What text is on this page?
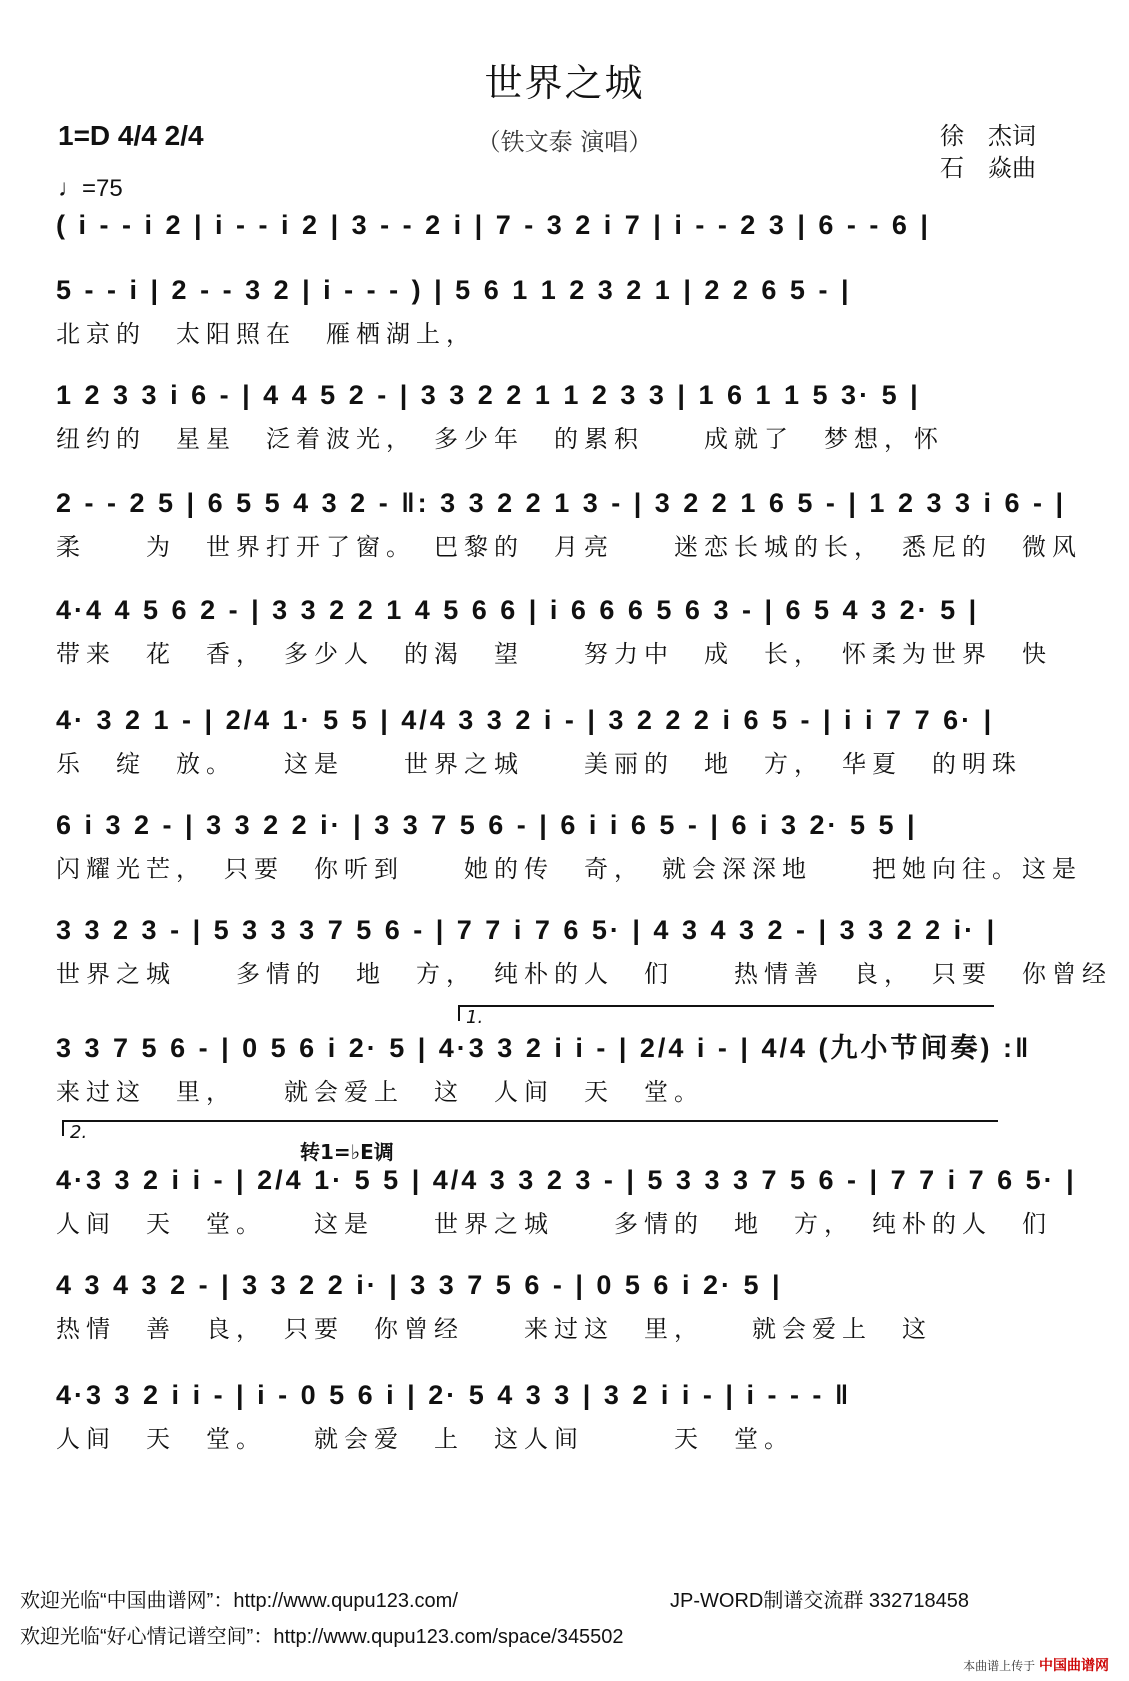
世界之城
1=D 4/4 2/4
♩=75
（铁文泰 演唱）	徐　杰词
石　焱曲
( i - - i 2 | i - - i 2 | 3 - - 2 i | 7 - 3 2 i 7 | i - - 2 3 | 6 - - 6 |
5 - - i | 2 - - 3 2 | i - - - ) | 5 6 1 1 2 3 2 1 | 2 2 6 5 - |
北京的　太阳照在　雁栖湖上，
1 2 3 3 i 6 - | 4 4 5 2 - | 3 3 2 2 1 1 2 3 3 | 1 6 1 1 5 3· 5 |
纽约的　星星　泛着波光，　多少年　的累积　　成就了　梦想，怀
2 - - 2 5 | 6 5 5 4 3 2 - ‖: 3 3 2 2 1 3 - | 3 2 2 1 6 5 - | 1 2 3 3 i 6 - |
柔　　为　世界打开了窗。　巴黎的　月亮　　迷恋长城的长，　悉尼的　微风
4·4 4 5 6 2 - | 3 3 2 2 1 4 5 6 6 | i 6 6 6 5 6 3 - | 6 5 4 3 2· 5 |
带来　花　香，　多少人　的渴　望　　努力中　成　长，　怀柔为世界　快
4· 3 2 1 - | 2/4 1· 5 5 | 4/4 3 3 2 i - | 3 2 2 2 i 6 5 - | i i 7 7 6· |
乐　绽　放。　　这是　　世界之城　　美丽的　地　方，　华夏　的明珠
6 i 3 2 - | 3 3 2 2 i· | 3 3 7 5 6 - | 6 i i 6 5 - | 6 i 3 2· 5 5 |
闪耀光芒，　只要　你听到　　她的传　奇，　就会深深地　　把她向往。这是
3 3 2 3 - | 5 3 3 3 7 5 6 - | 7 7 i 7 6 5· | 4 3 4 3 2 - | 3 3 2 2 i· |
世界之城　　多情的　地　方，　纯朴的人　们　　热情善　良，　只要　你曾经
3 3 7 5 6 - | 0 5 6 i 2· 5 | 4·3 3 2 i i - | 2/4 i - | 4/4 (九小节间奏) :‖
来过这　里，　　就会爱上　这　人间　天　堂。
4·3 3 2 i i - | 2/4 1· 5 5 | 4/4 3 3 2 3 - | 5 3 3 3 7 5 6 - | 7 7 i 7 6 5· |
人间　天　堂。　　这是　　世界之城　　多情的　地　方，　纯朴的人　们
4 3 4 3 2 - | 3 3 2 2 i· | 3 3 7 5 6 - | 0 5 6 i 2· 5 |
热情　善　良，　只要　你曾经　　来过这　里，　　就会爱上　这
4·3 3 2 i i - | i - 0 5 6 i | 2· 5 4 3 3 | 3 2 i i - | i - - - ‖
人间　天　堂。　　就会爱　上　这人间　　　天　堂。
1.
2.
转1=♭E调
欢迎光临“中国曲谱网”：http://www.qupu123.com/
欢迎光临“好心情记谱空间”：http://www.qupu123.com/space/345502
JP-WORD制谱交流群 332718458
本曲谱上传于 中国曲谱网
